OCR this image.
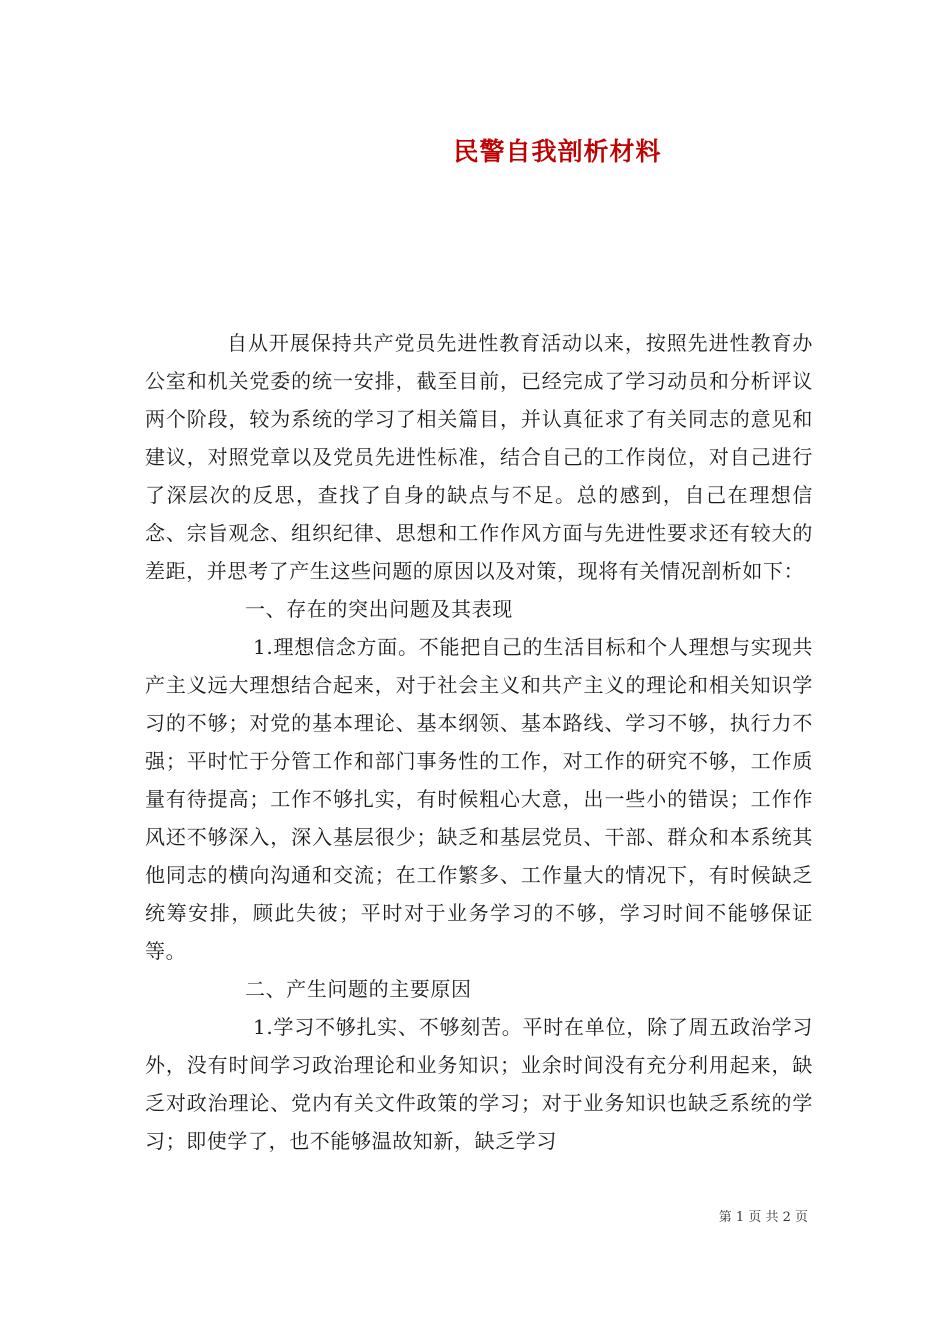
民警自我剖析材料

自从开展保持共产党员先进性教育活动以来，按照先进性教育办公室和机关党委的统一安排，截至目前，已经完成了学习动员和分析评议两个阶段，较为系统的学习了相关篇目，并认真征求了有关同志的意见和建议，对照党章以及党员先进性标准，结合自己的工作岗位，对自己进行了深层次的反思，查找了自身的缺点与不足。总的感到，自己在理想信念、宗旨观念、组织纪律、思想和工作作风方面与先进性要求还有较大的差距，并思考了产生这些问题的原因以及对策，现将有关情况剖析如下：

一、存在的突出问题及其表现

1.理想信念方面。不能把自己的生活目标和个人理想与实现共产主义远大理想结合起来，对于社会主义和共产主义的理论和相关知识学习的不够；对党的基本理论、基本纲领、基本路线、学习不够，执行力不强；平时忙于分管工作和部门事务性的工作，对工作的研究不够，工作质量有待提高；工作不够扎实，有时候粗心大意，出一些小的错误；工作作风还不够深入，深入基层很少；缺乏和基层党员、干部、群众和本系统其他同志的横向沟通和交流；在工作繁多、工作量大的情况下，有时候缺乏统筹安排，顾此失彼；平时对于业务学习的不够，学习时间不能够保证等。

二、产生问题的主要原因

1.学习不够扎实、不够刻苦。平时在单位，除了周五政治学习外，没有时间学习政治理论和业务知识；业余时间没有充分利用起来，缺乏对政治理论、党内有关文件政策的学习；对于业务知识也缺乏系统的学习；即使学了，也不能够温故知新，缺乏学习

第 1 页 共 2 页
